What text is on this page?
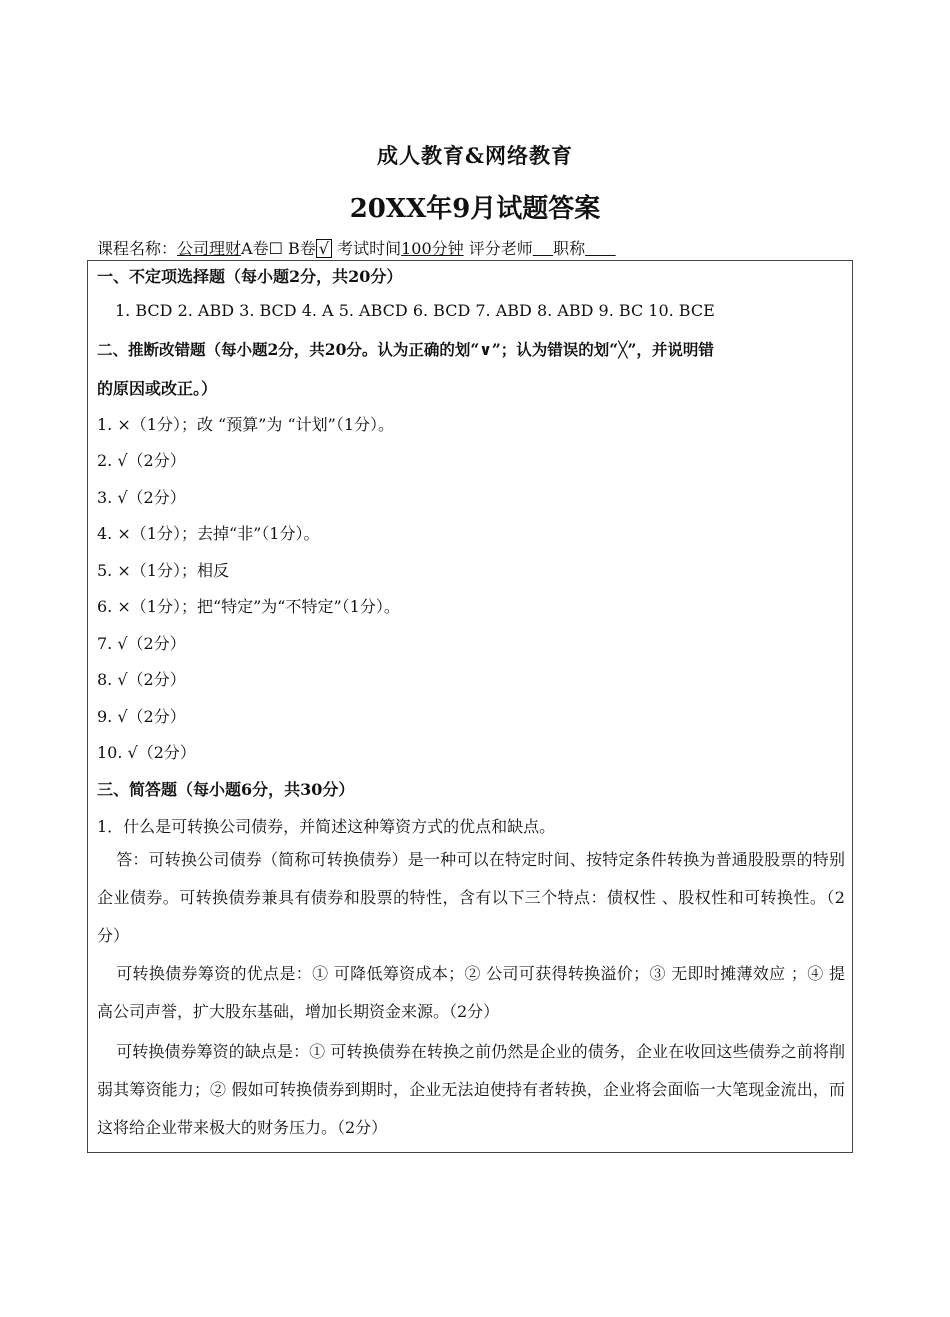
成人教育&网络教育
20XX年9月试题答案
课程名称：公司理财A卷☐ B卷 √ 考试时间100分钟 评分老师 职称
一、不定项选择题（每小题2分，共20分）
1. BCD 2. ABD 3. BCD 4. A 5. ABCD 6. BCD 7. ABD 8. ABD 9. BC 10. BCE
二、推断改错题（每小题2分，共20分。认为正确的划“∨”；认为错误的划“╳”，并说明错
的原因或改正。）
1. ×（1分）；改 “预算”为 “计划”（1分）。
2. √（2分）
3. √（2分）
4. ×（1分）；去掉“非”（1分）。
5. ×（1分）；相反
6. ×（1分）；把“特定”为“不特定”（1分）。
7. √（2分）
8. √（2分）
9. √（2分）
10. √（2分）
三、简答题（每小题6分，共30分）
1．什么是可转换公司债券，并简述这种筹资方式的优点和缺点。
答：可转换公司债券（简称可转换债券）是一种可以在特定时间、按特定条件转换为普通股股票的特别企业债券。可转换债券兼具有债券和股票的特性，含有以下三个特点：债权性 、股权性和可转换性。（2分）
可转换债券筹资的优点是：① 可降低筹资成本；② 公司可获得转换溢价；③ 无即时摊薄效应 ；④ 提高公司声誉，扩大股东基础，增加长期资金来源。（2分）
可转换债券筹资的缺点是：① 可转换债券在转换之前仍然是企业的债务，企业在收回这些债券之前将削弱其筹资能力；② 假如可转换债券到期时，企业无法迫使持有者转换，企业将会面临一大笔现金流出，而这将给企业带来极大的财务压力。（2分）
